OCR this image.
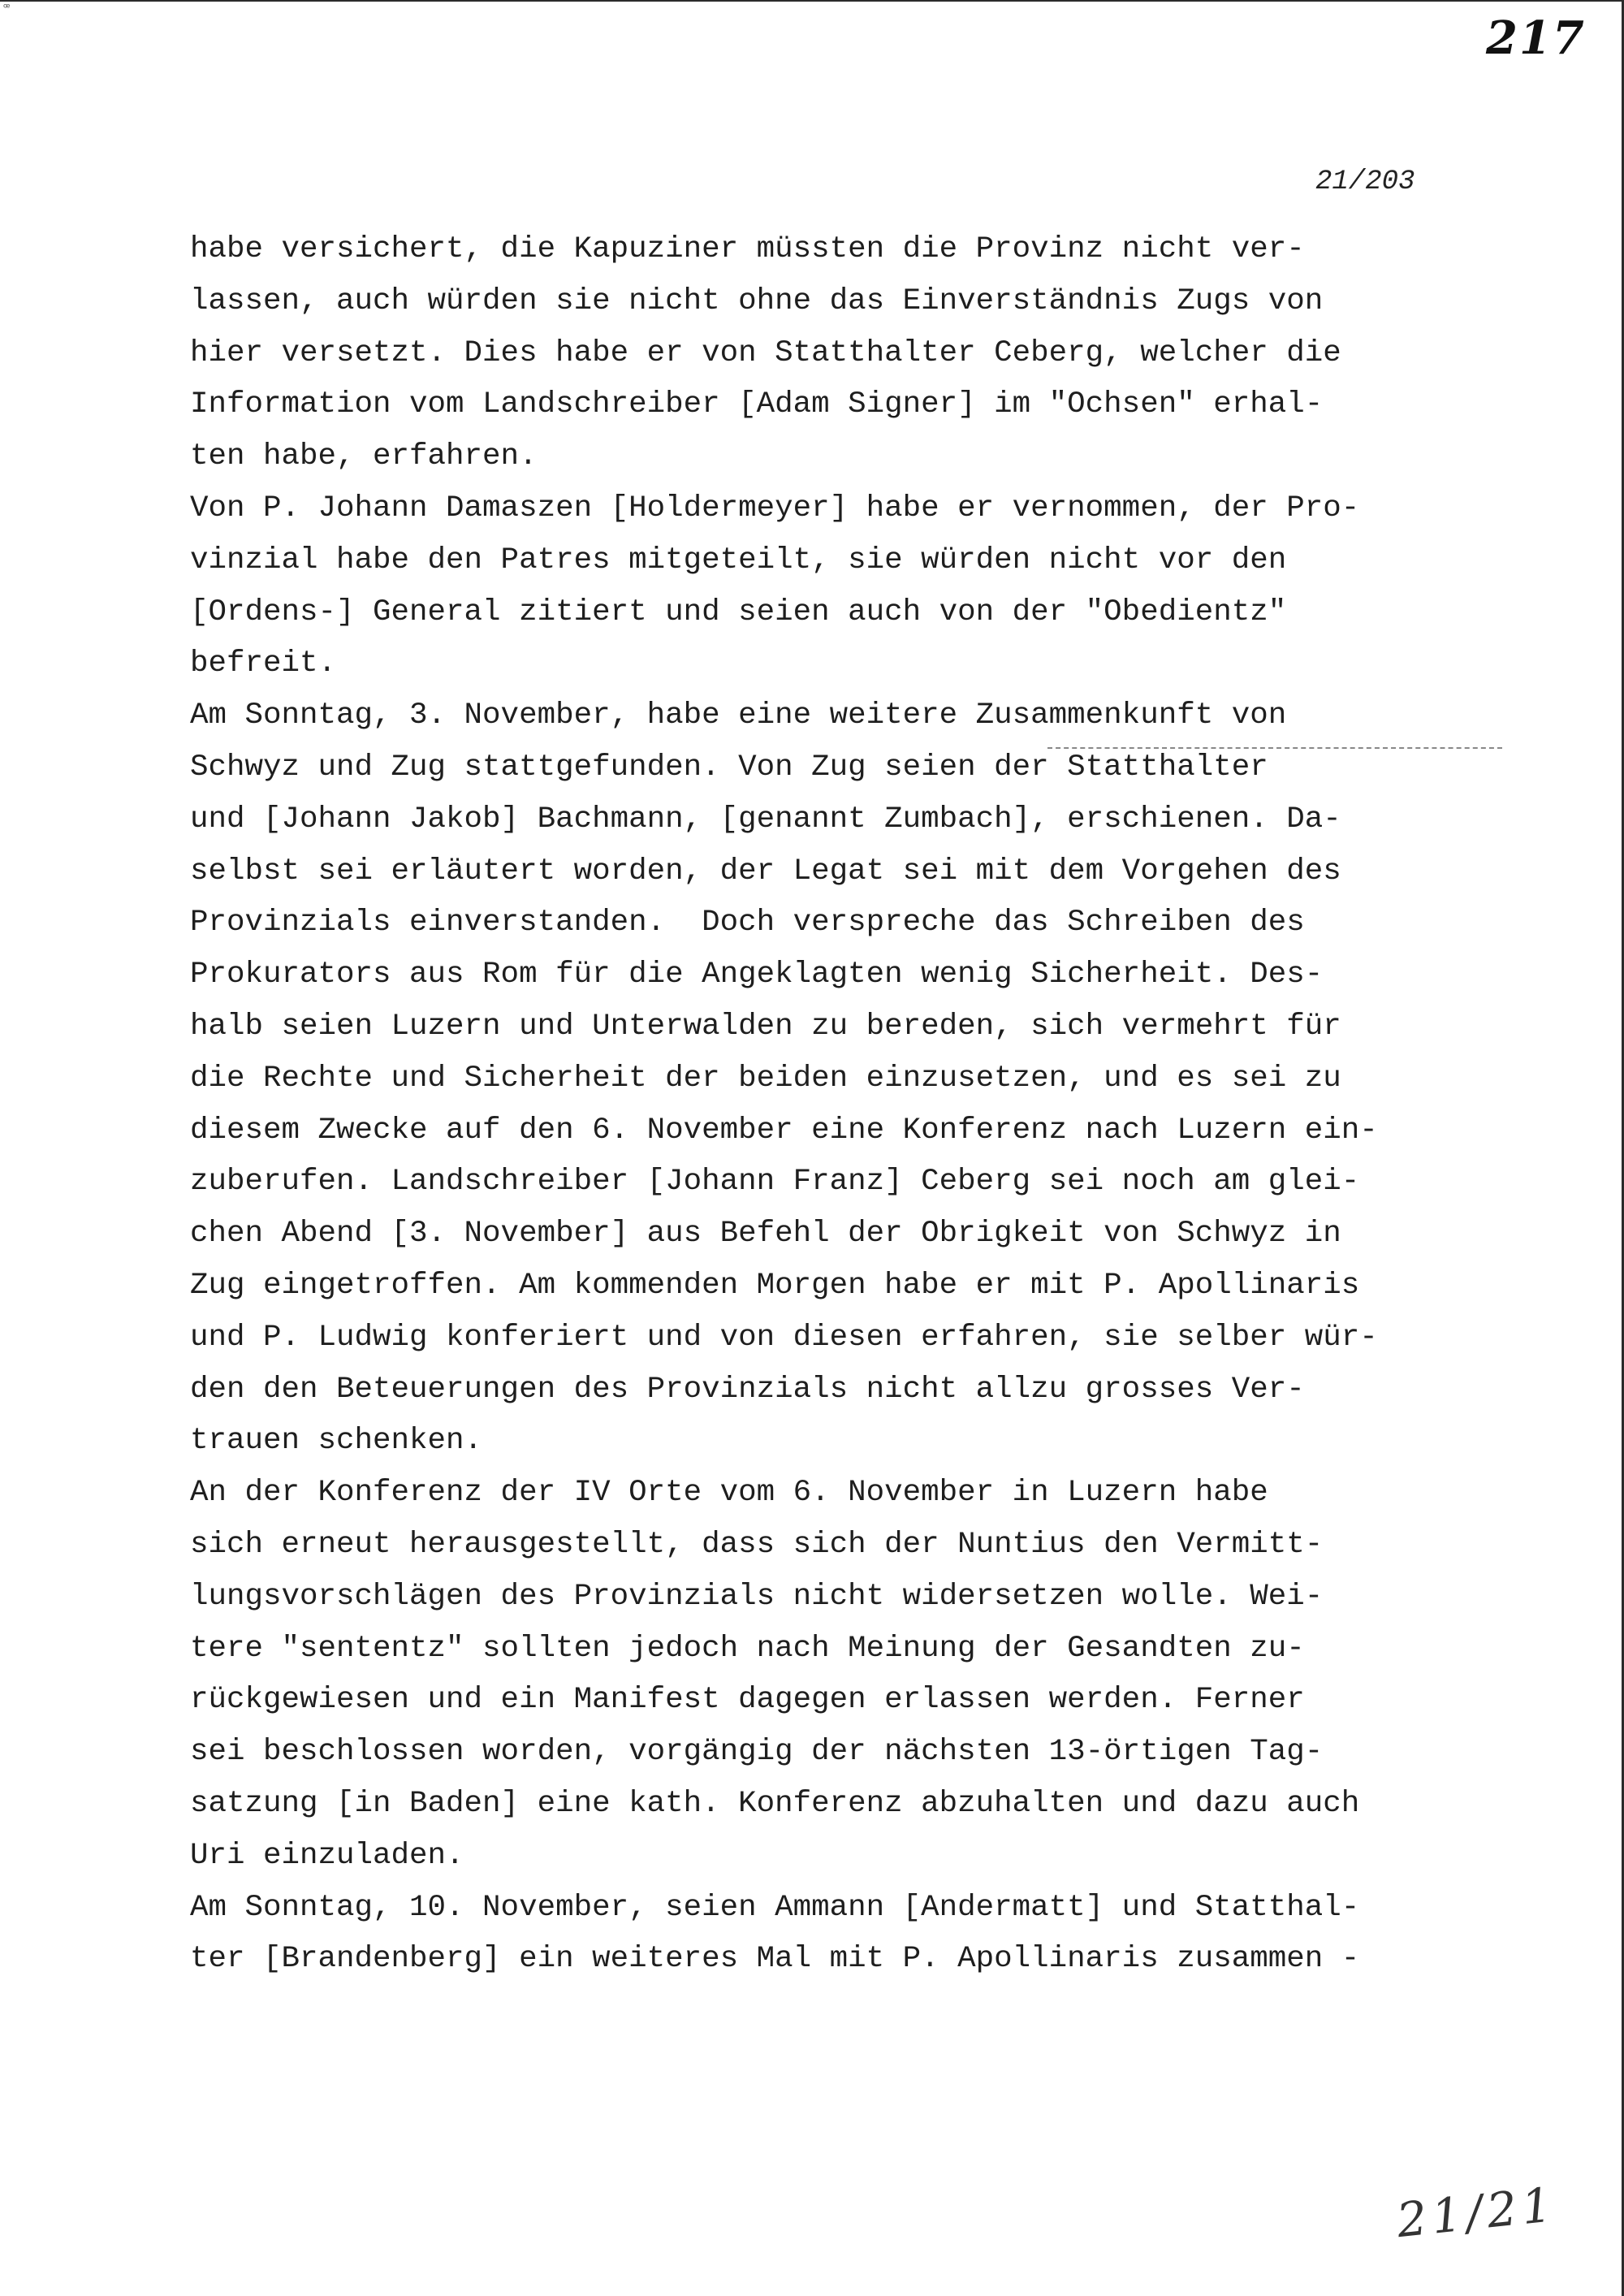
ꟹ
217
21/203
habe versichert, die Kapuziner müssten die Provinz nicht ver-
lassen, auch würden sie nicht ohne das Einverständnis Zugs von
hier versetzt. Dies habe er von Statthalter Ceberg, welcher die
Information vom Landschreiber [Adam Signer] im "Ochsen" erhal-
ten habe, erfahren.
Von P. Johann Damaszen [Holdermeyer] habe er vernommen, der Pro-
vinzial habe den Patres mitgeteilt, sie würden nicht vor den
[Ordens-] General zitiert und seien auch von der "Obedientz"
befreit.
Am Sonntag, 3. November, habe eine weitere Zusammenkunft von
Schwyz und Zug stattgefunden. Von Zug seien der Statthalter
und [Johann Jakob] Bachmann, [genannt Zumbach], erschienen. Da-
selbst sei erläutert worden, der Legat sei mit dem Vorgehen des
Provinzials einverstanden.  Doch verspreche das Schreiben des
Prokurators aus Rom für die Angeklagten wenig Sicherheit. Des-
halb seien Luzern und Unterwalden zu bereden, sich vermehrt für
die Rechte und Sicherheit der beiden einzusetzen, und es sei zu
diesem Zwecke auf den 6. November eine Konferenz nach Luzern ein-
zuberufen. Landschreiber [Johann Franz] Ceberg sei noch am glei-
chen Abend [3. November] aus Befehl der Obrigkeit von Schwyz in
Zug eingetroffen. Am kommenden Morgen habe er mit P. Apollinaris
und P. Ludwig konferiert und von diesen erfahren, sie selber wür-
den den Beteuerungen des Provinzials nicht allzu grosses Ver-
trauen schenken.
An der Konferenz der IV Orte vom 6. November in Luzern habe
sich erneut herausgestellt, dass sich der Nuntius den Vermitt-
lungsvorschlägen des Provinzials nicht widersetzen wolle. Wei-
tere "sententz" sollten jedoch nach Meinung der Gesandten zu-
rückgewiesen und ein Manifest dagegen erlassen werden. Ferner
sei beschlossen worden, vorgängig der nächsten 13-örtigen Tag-
satzung [in Baden] eine kath. Konferenz abzuhalten und dazu auch
Uri einzuladen.
Am Sonntag, 10. November, seien Ammann [Andermatt] und Statthal-
ter [Brandenberg] ein weiteres Mal mit P. Apollinaris zusammen -
21/21
